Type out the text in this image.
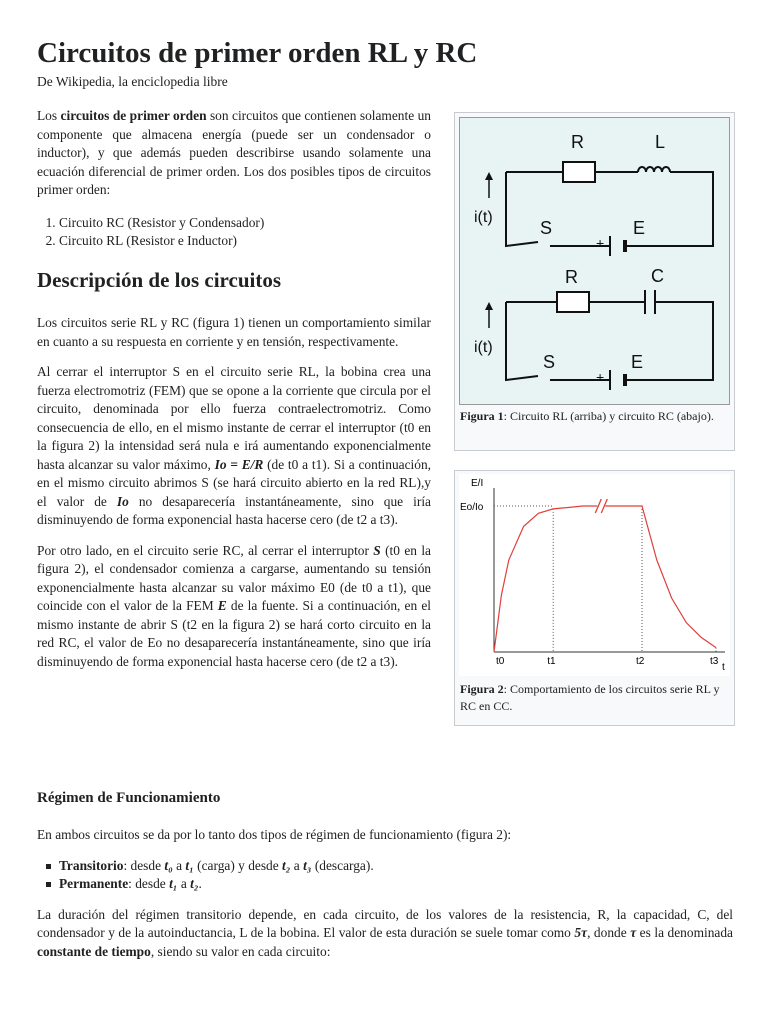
Circuitos de primer orden RL y RC
De Wikipedia, la enciclopedia libre

Los circuitos de primer orden son circuitos que contienen solamente un componente que almacena energía (puede ser un condensador o inductor), y que además pueden describirse usando solamente una ecuación diferencial de primer orden. Los dos posibles tipos de circuitos primer orden:

1. Circuito RC (Resistor y Condensador)
2. Circuito RL (Resistor e Inductor)
Descripción de los circuitos

Los circuitos serie RL y RC (figura 1) tienen un comportamiento similar en cuanto a su respuesta en corriente y en tensión, respectivamente.

Al cerrar el interruptor S en el circuito serie RL, la bobina crea una fuerza electromotriz (FEM) que se opone a la corriente que circula por el circuito, denominada por ello fuerza contraelectromotriz. Como consecuencia de ello, en el mismo instante de cerrar el interruptor (t0 en la figura 2) la intensidad será nula e irá aumentando exponencialmente hasta alcanzar su valor máximo, Io = E/R (de t0 a t1). Si a continuación, en el mismo circuito abrimos S (se hará circuito abierto en la red RL),y el valor de Io no desaparecería instantáneamente, sino que iría disminuyendo de forma exponencial hasta hacerse cero (de t2 a t3).

Por otro lado, en el circuito serie RC, al cerrar el interruptor S (t0 en la figura 2), el condensador comienza a cargarse, aumentando su tensión exponencialmente hasta alcanzar su valor máximo E0 (de t0 a t1), que coincide con el valor de la FEM E de la fuente. Si a continuación, en el mismo instante de abrir S (t2 en la figura 2) se hará corto circuito en la red RC, el valor de Eo no desaparecería instantáneamente, sino que iría disminuyendo de forma exponencial hasta hacerse cero (de t2 a t3).

Régimen de Funcionamiento

En ambos circuitos se da por lo tanto dos tipos de régimen de funcionamiento (figura 2):

Transitorio: desde t₀ a t₁ (carga) y desde t₂ a t₃ (descarga).
Permanente: desde t₁ a t₂.

La duración del régimen transitorio depende, en cada circuito, de los valores de la resistencia, R, la capacidad, C, del condensador y de la autoinductancia, L de la bobina. El valor de esta duración se suele tomar como 5τ, donde τ es la denominada constante de tiempo, siendo su valor en cada circuito:

R	L
i(t)
S	E
+
R	C
i(t)
S	E
+
Figura 1: Circuito RL (arriba) y circuito RC (abajo).
E/I
Eo/Io
t
t0	t1	t2	t3
Figura 2: Comportamiento de los circuitos serie RL y RC en CC.
